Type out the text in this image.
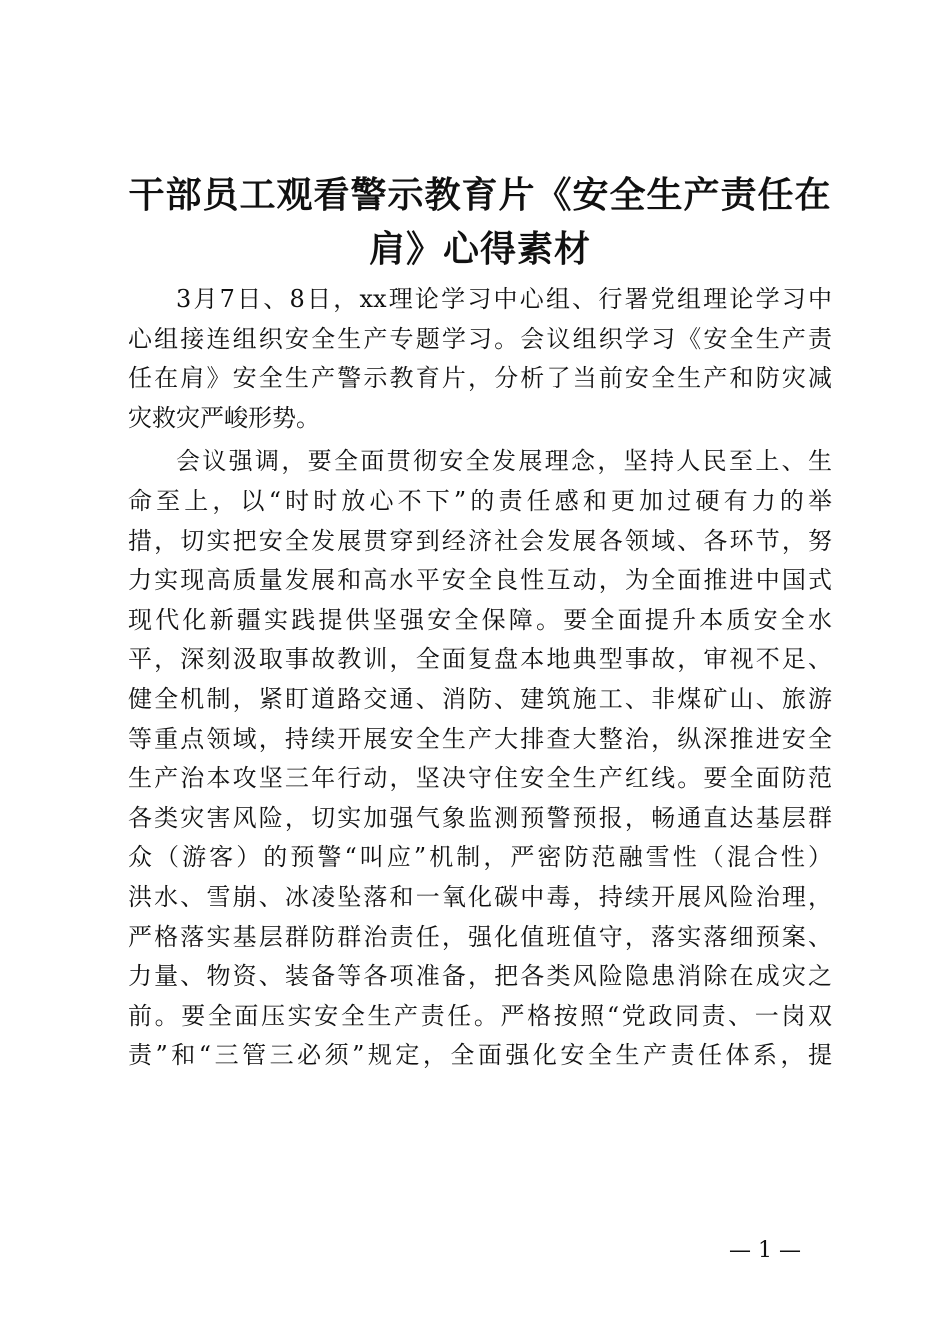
干部员工观看警示教育片《安全生产责任在
肩》心得素材
3月7日、8日，xx理论学习中心组、行署党组理论学习中
心组接连组织安全生产专题学习。会议组织学习《安全生产责
任在肩》安全生产警示教育片，分析了当前安全生产和防灾减
灾救灾严峻形势。
会议强调，要全面贯彻安全发展理念，坚持人民至上、生
命至上，以“时时放心不下”的责任感和更加过硬有力的举
措，切实把安全发展贯穿到经济社会发展各领域、各环节，努
力实现高质量发展和高水平安全良性互动，为全面推进中国式
现代化新疆实践提供坚强安全保障。要全面提升本质安全水
平，深刻汲取事故教训，全面复盘本地典型事故，审视不足、
健全机制，紧盯道路交通、消防、建筑施工、非煤矿山、旅游
等重点领域，持续开展安全生产大排查大整治，纵深推进安全
生产治本攻坚三年行动，坚决守住安全生产红线。要全面防范
各类灾害风险，切实加强气象监测预警预报，畅通直达基层群
众（游客）的预警“叫应”机制，严密防范融雪性（混合性）
洪水、雪崩、冰凌坠落和一氧化碳中毒，持续开展风险治理，
严格落实基层群防群治责任，强化值班值守，落实落细预案、
力量、物资、装备等各项准备，把各类风险隐患消除在成灾之
前。要全面压实安全生产责任。严格按照“党政同责、一岗双
责”和“三管三必须”规定，全面强化安全生产责任体系，提
— 1 —
